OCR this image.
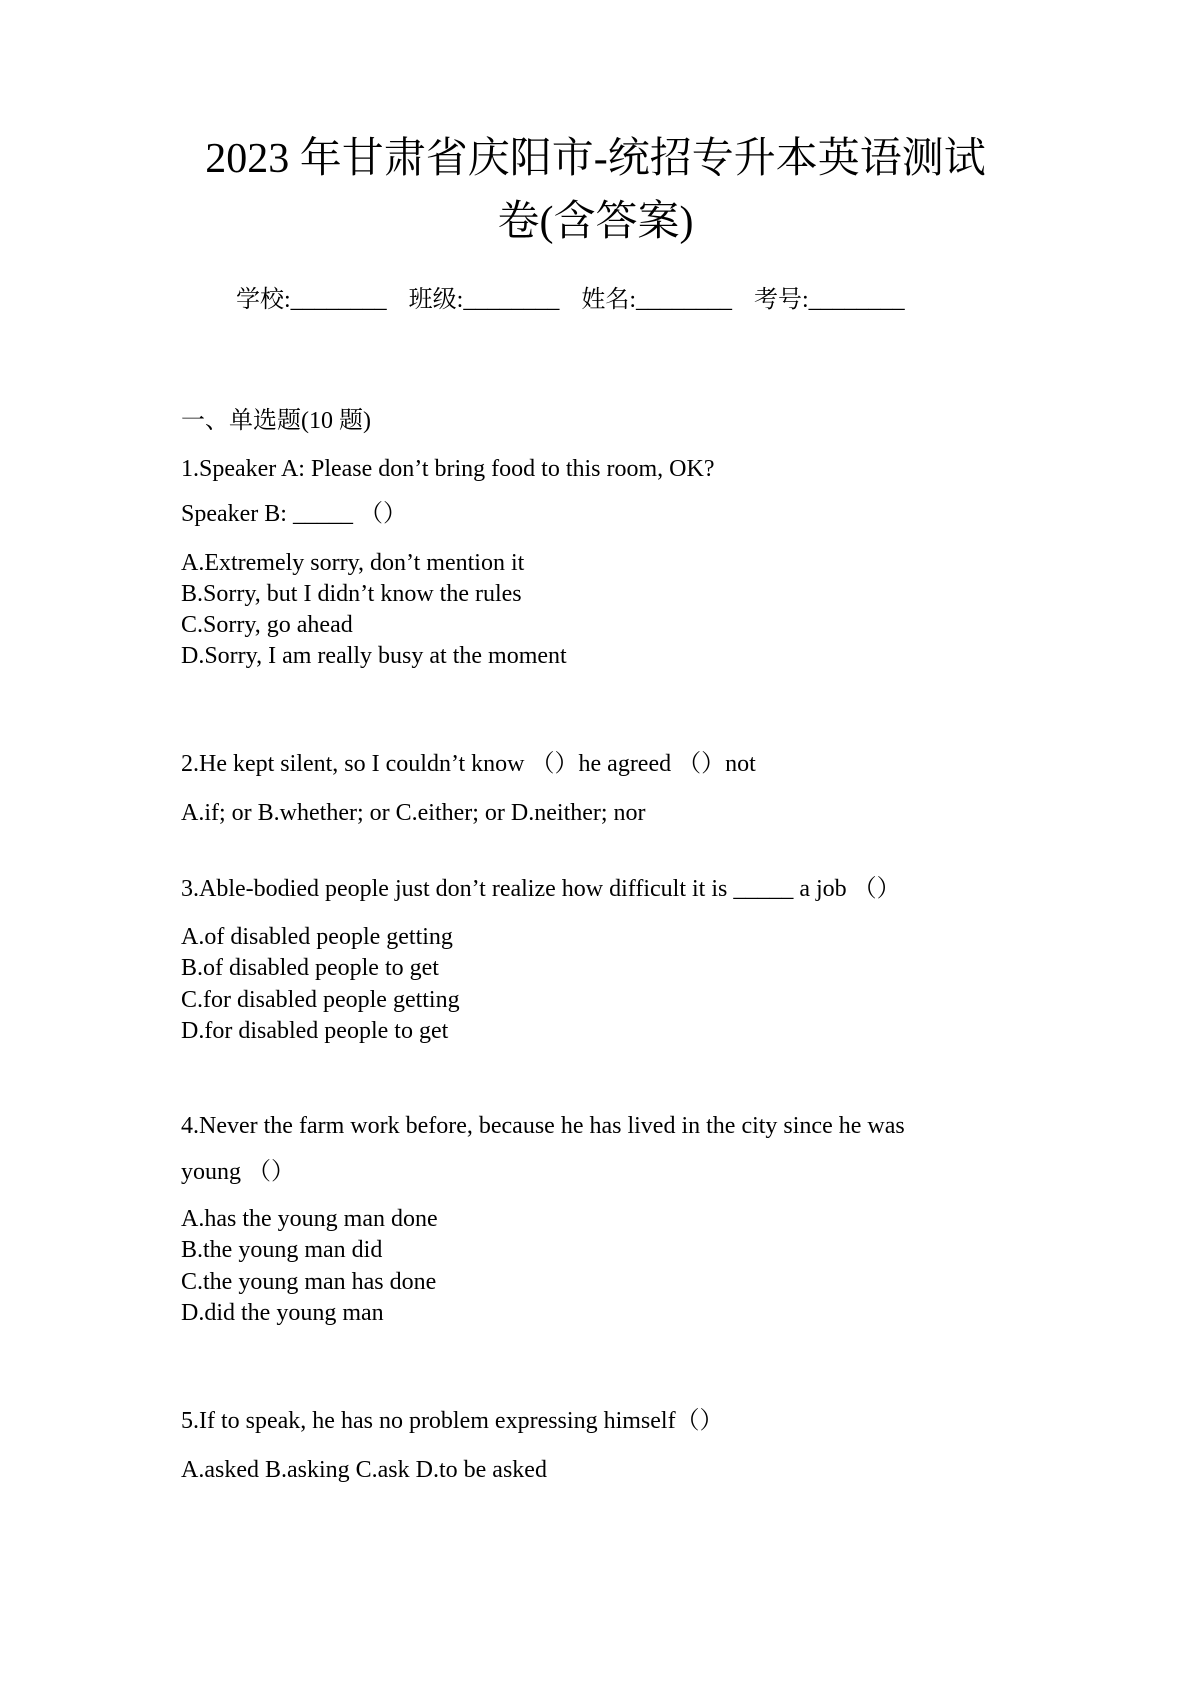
2023 年甘肃省庆阳市-统招专升本英语测试
卷(含答案)
学校:________ 班级:________ 姓名:________ 考号:________
一、单选题(10 题)
1.Speaker A: Please don’t bring food to this room, OK?
Speaker B: _____ （）
A.Extremely sorry, don’t mention it
B.Sorry, but I didn’t know the rules
C.Sorry, go ahead
D.Sorry, I am really busy at the moment
2.He kept silent, so I couldn’t know （）he agreed （）not
A.if; or B.whether; or C.either; or D.neither; nor
3.Able-bodied people just don’t realize how difficult it is _____ a job （）
A.of disabled people getting
B.of disabled people to get
C.for disabled people getting
D.for disabled people to get
4.Never the farm work before, because he has lived in the city since he was
young （）
A.has the young man done
B.the young man did
C.the young man has done
D.did the young man
5.If to speak, he has no problem expressing himself（）
A.asked B.asking C.ask D.to be asked
